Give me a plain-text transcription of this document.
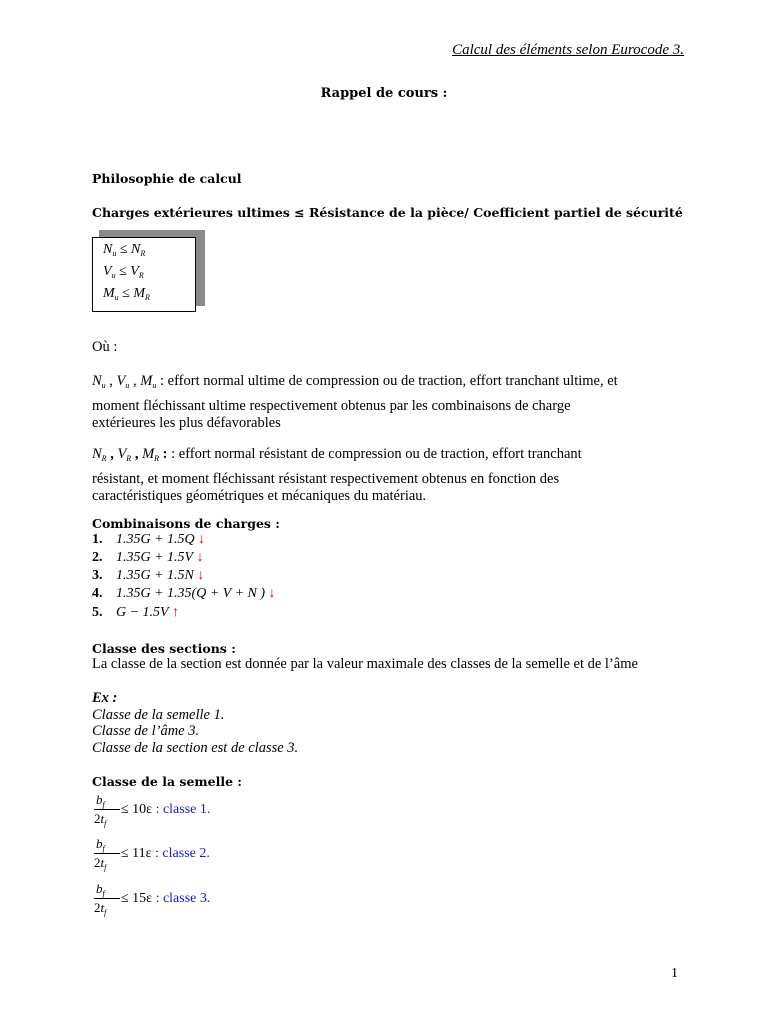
Calcul des éléments selon Eurocode 3.
Rappel de cours :
Philosophie de calcul
Charges extérieures ultimes ≤ Résistance de la pièce/ Coefficient partiel de sécurité
$N_u \le N_R$
$V_u \le V_R$
$M_u \le M_R$
Où :
$N_u$ , $V_u$ , $M_u$ : effort normal ultime de compression ou de traction, effort tranchant ultime, et
moment fléchissant ultime respectivement obtenus par les combinaisons de charge
extérieures les plus défavorables
$N_R$ , $V_R$ , $M_R$ : : effort normal résistant de compression ou de traction, effort tranchant
résistant, et moment fléchissant résistant respectivement obtenus en fonction des
caractéristiques géométriques et mécaniques du matériau.
Combinaisons de charges :
1. 1.35G + 1.5Q ↓
2. 1.35G + 1.5V ↓
3. 1.35G + 1.5N ↓
4. 1.35G + 1.35(Q + V + N ) ↓
5. G − 1.5V ↑
Classe des sections :
La classe de la section est donnée par la valeur maximale des classes de la semelle et de l’âme
Ex :
Classe de la semelle 1.
Classe de l’âme 3.
Classe de la section est de classe 3.
Classe de la semelle :
$b_f$
$2t_f$
≤ 10ε : classe 1.
$b_f$
$2t_f$
≤ 11ε : classe 2.
$b_f$
$2t_f$
≤ 15ε : classe 3.
1
